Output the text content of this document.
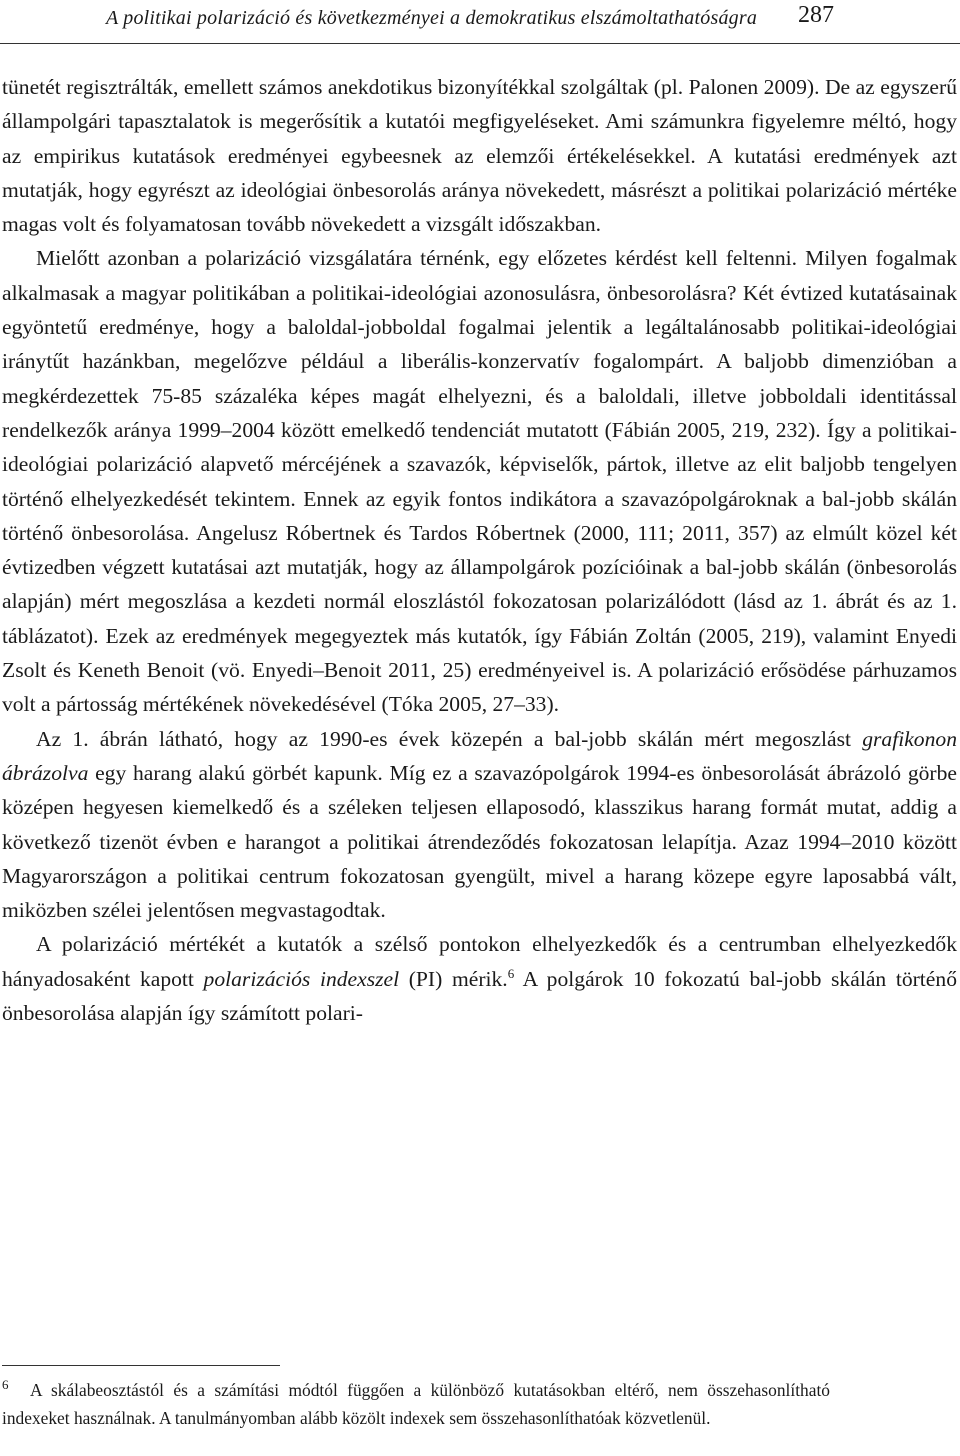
A politikai polarizáció és következményei a demokratikus elszámoltathatóságra 287

tünetét regisztrálták, emellett számos anekdotikus bizonyítékkal szolgáltak (pl. Palonen 2009). De az egyszerű állampolgári tapasztalatok is megerősítik a kutatói megfigyeléseket. Ami számunkra figyelemre méltó, hogy az empirikus kutatások eredményei egybeesnek az elemzői értékelésekkel. A kutatási eredmények azt mutatják, hogy egyrészt az ideológiai önbesorolás aránya növekedett, másrészt a politikai polarizáció mértéke magas volt és folyamatosan tovább növekedett a vizsgált időszakban.

Mielőtt azonban a polarizáció vizsgálatára térnénk, egy előzetes kérdést kell feltenni. Milyen fogalmak alkalmasak a magyar politikában a politikai-ideológiai azonosulásra, önbesorolásra? Két évtized kutatásainak egyöntetű eredménye, hogy a baloldal-jobboldal fogalmai jelentik a legáltalánosabb politikai-ideológiai iránytűt hazánkban, megelőzve például a liberális-konzervatív fogalompárt. A baljobb dimenzióban a megkérdezettek 75-85 százaléka képes magát elhelyezni, és a baloldali, illetve jobboldali identitással rendelkezők aránya 1999–2004 között emelkedő tendenciát mutatott (Fábián 2005, 219, 232). Így a politikai-ideológiai polarizáció alapvető mércéjének a szavazók, képviselők, pártok, illetve az elit baljobb tengelyen történő elhelyezkedését tekintem. Ennek az egyik fontos indikátora a szavazópolgároknak a bal-jobb skálán történő önbesorolása. Angelusz Róbertnek és Tardos Róbertnek (2000, 111; 2011, 357) az elmúlt közel két évtizedben végzett kutatásai azt mutatják, hogy az állampolgárok pozícióinak a bal-jobb skálán (önbesorolás alapján) mért megoszlása a kezdeti normál eloszlástól fokozatosan polarizálódott (lásd az 1. ábrát és az 1. táblázatot). Ezek az eredmények megegyeztek más kutatók, így Fábián Zoltán (2005, 219), valamint Enyedi Zsolt és Keneth Benoit (vö. Enyedi–Benoit 2011, 25) eredményeivel is. A polarizáció erősödése párhuzamos volt a pártosság mértékének növekedésével (Tóka 2005, 27–33).

Az 1. ábrán látható, hogy az 1990-es évek közepén a bal-jobb skálán mért megoszlást grafikonon ábrázolva egy harang alakú görbét kapunk. Míg ez a szavazópolgárok 1994-es önbesorolását ábrázoló görbe középen hegyesen kiemelkedő és a széleken teljesen ellaposodó, klasszikus harang formát mutat, addig a következő tizenöt évben e harangot a politikai átrendeződés fokozatosan lelapítja. Azaz 1994–2010 között Magyarországon a politikai centrum fokozatosan gyengült, mivel a harang közepe egyre laposabbá vált, miközben szélei jelentősen megvastagodtak.

A polarizáció mértékét a kutatók a szélső pontokon elhelyezkedők és a centrumban elhelyezkedők hányadosaként kapott polarizációs indexszel (PI) mérik.$^6$ A polgárok 10 fokozatú bal-jobb skálán történő önbesorolása alapján így számított polari-

6 A skálabeosztástól és a számítási módtól függően a különböző kutatásokban eltérő, nem összehasonlítható indexeket használnak. A tanulmányomban alább közölt indexek sem összehasonlíthatóak közvetlenül.
